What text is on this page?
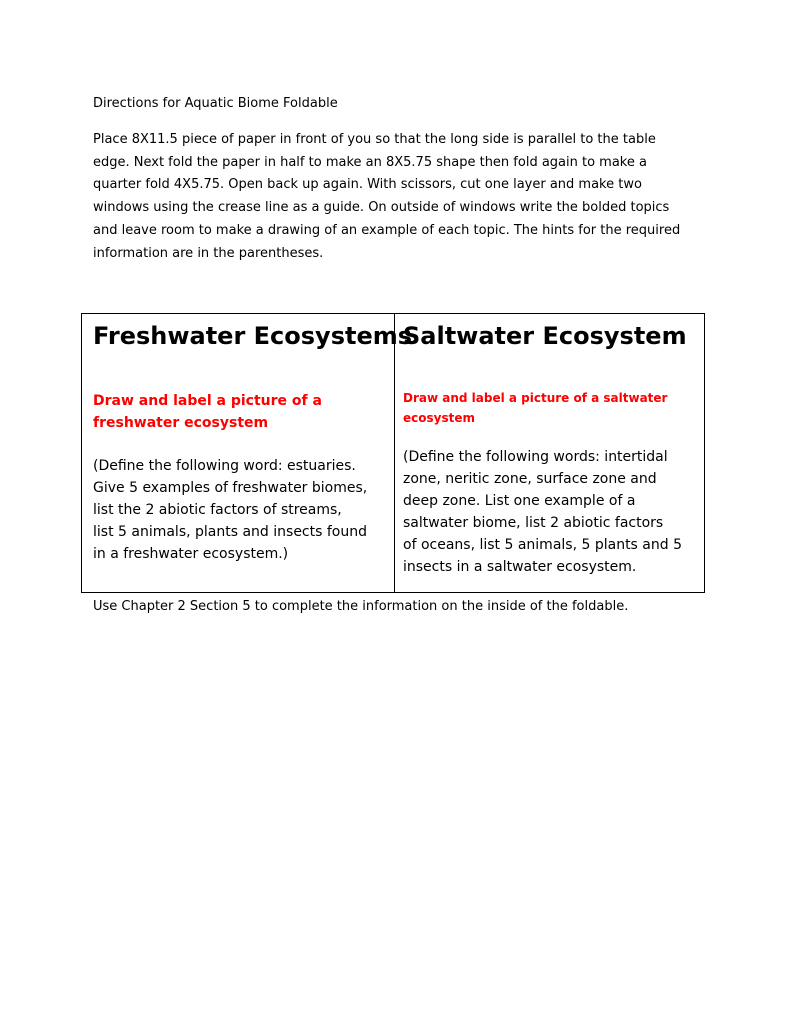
Directions for Aquatic Biome Foldable
Place 8X11.5 piece of paper in front of you so that the long side is parallel to the table
edge. Next fold the paper in half to make an 8X5.75 shape then fold again to make a
quarter fold 4X5.75. Open back up again. With scissors, cut one layer and make two
windows using the crease line as a guide. On outside of windows write the bolded topics
and leave room to make a drawing of an example of each topic. The hints for the required
information are in the parentheses.
Freshwater Ecosystems
Draw and label a picture of a freshwater ecosystem
(Define the following word: estuaries.
Give 5 examples of freshwater biomes,
list the 2 abiotic factors of streams,
list 5 animals, plants and insects found
in a freshwater ecosystem.)
Saltwater Ecosystem
Draw and label a picture of a saltwater ecosystem
(Define the following words: intertidal
zone, neritic zone, surface zone and
deep zone. List one example of a
saltwater biome, list 2 abiotic factors
of oceans, list 5 animals, 5 plants and 5
insects in a saltwater ecosystem.
Use Chapter 2 Section 5 to complete the information on the inside of the foldable.
